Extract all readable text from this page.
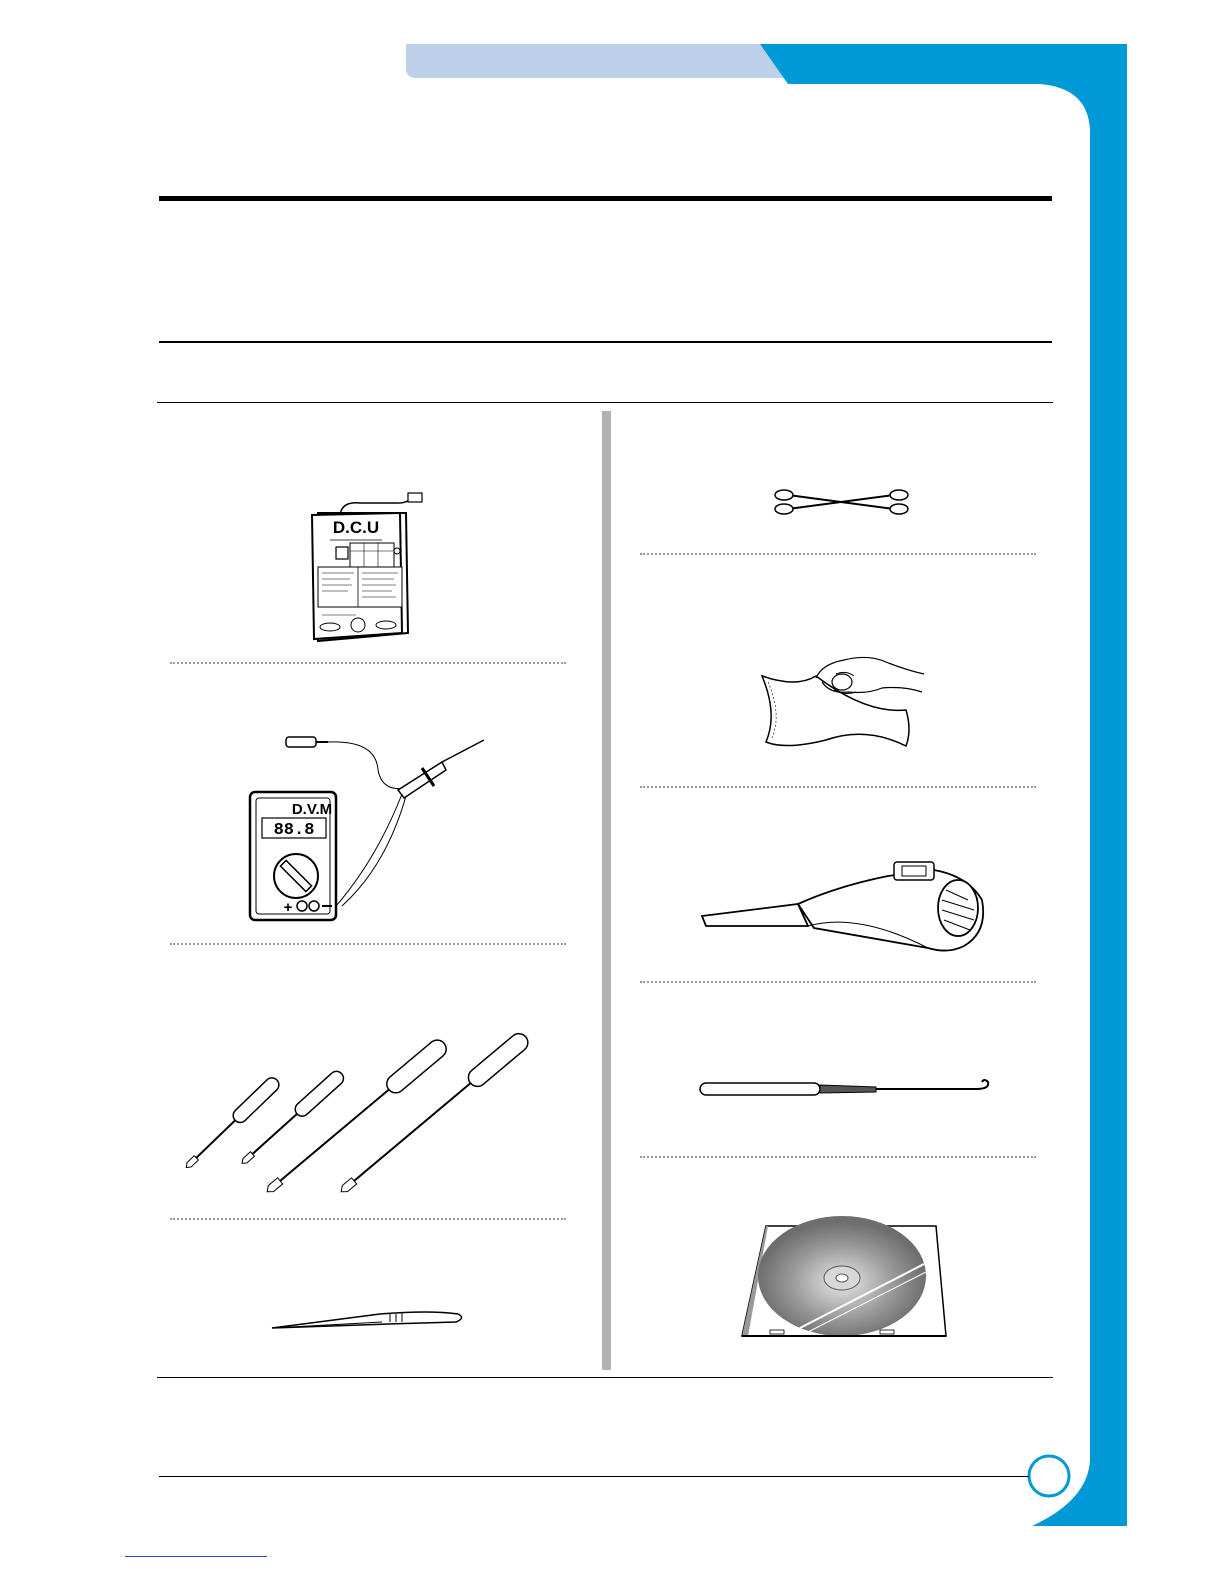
D.C.U
D.V.M
88.8
+
